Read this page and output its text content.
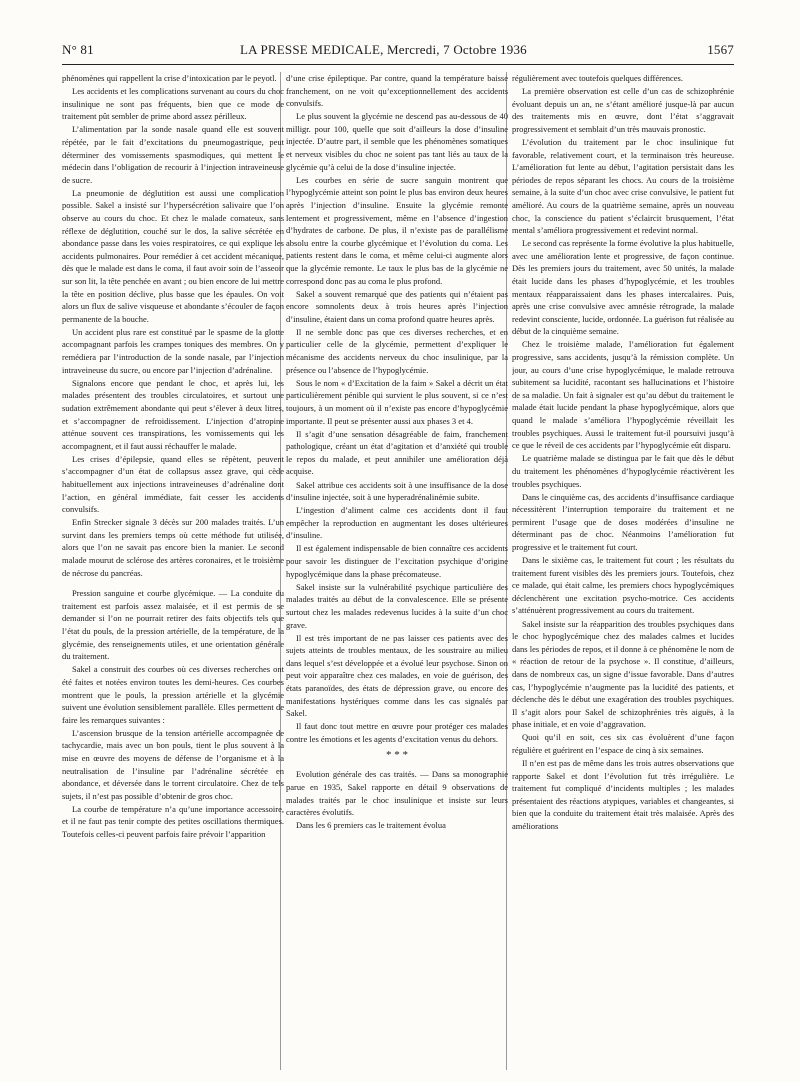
N° 81	LA PRESSE MEDICALE, Mercredi, 7 Octobre 1936	1567

phénomènes qui rappellent la crise d’intoxication par le peyotl.

Les accidents et les complications survenant au cours du choc insulinique ne sont pas fréquents, bien que ce mode de traitement pût sembler de prime abord assez périlleux.

L’alimentation par la sonde nasale quand elle est souvent répétée, par le fait d’excitations du pneumogastrique, peut déterminer des vomissements spasmodiques, qui mettent le médecin dans l’obligation de recourir à l’injection intraveineuse de sucre.

La pneumonie de déglutition est aussi une complication possible. Sakel a insisté sur l’hypersécrétion salivaire que l’on observe au cours du choc. Et chez le malade comateux, sans réflexe de déglutition, couché sur le dos, la salive sécrétée en abondance passe dans les voies respiratoires, ce qui explique les accidents pulmonaires. Pour remédier à cet accident mécanique, dès que le malade est dans le coma, il faut avoir soin de l’asseoir sur son lit, la tête penchée en avant ; ou bien encore de lui mettre la tête en position déclive, plus basse que les épaules. On voit alors un flux de salive visqueuse et abondante s’écouler de façon permanente de la bouche.

Un accident plus rare est constitué par le spasme de la glotte accompagnant parfois les crampes toniques des membres. On y remédiera par l’introduction de la sonde nasale, par l’injection intraveineuse du sucre, ou encore par l’injection d’adrénaline.

Signalons encore que pendant le choc, et après lui, les malades présentent des troubles circulatoires, et surtout une sudation extrêmement abondante qui peut s’élever à deux litres, et s’accompagner de refroidissement. L’injection d’atropine atténue souvent ces transpirations, les vomissements qui les accompagnent, et il faut aussi réchauffer le malade.

Les crises d’épilepsie, quand elles se répètent, peuvent s’accompagner d’un état de collapsus assez grave, qui cède habituellement aux injections intraveineuses d’adrénaline dont l’action, en général immédiate, fait cesser les accidents convulsifs.

Enfin Strecker signale 3 décès sur 200 malades traités. L’un survint dans les premiers temps où cette méthode fut utilisée, alors que l’on ne savait pas encore bien la manier. Le second malade mourut de sclérose des artères coronaires, et le troisième de nécrose du pancréas.

Pression sanguine et courbe glycémique. — La conduite du traitement est parfois assez malaisée, et il est permis de se demander si l’on ne pourrait retirer des faits objectifs tels que l’état du pouls, de la pression artérielle, de la température, de la glycémie, des renseignements utiles, et une orientation générale du traitement.

Sakel a construit des courbes où ces diverses recherches ont été faites et notées environ toutes les demi-heures. Ces courbes montrent que le pouls, la pression artérielle et la glycémie suivent une évolution sensiblement parallèle. Elles permettent de faire les remarques suivantes :

L’ascension brusque de la tension artérielle accompagnée de tachycardie, mais avec un bon pouls, tient le plus souvent à la mise en œuvre des moyens de défense de l’organisme et à la neutralisation de l’insuline par l’adrénaline sécrétée en abondance, et déversée dans le torrent circulatoire. Chez de tels sujets, il n’est pas possible d’obtenir de gros choc.

La courbe de température n’a qu’une importance accessoire, et il ne faut pas tenir compte des petites oscillations thermiques. Toutefois celles-ci peuvent parfois faire prévoir l’apparition

d’une crise épileptique. Par contre, quand la température baisse franchement, on ne voit qu’exceptionnellement des accidents convulsifs.

Le plus souvent la glycémie ne descend pas au-dessous de 40 milligr. pour 100, quelle que soit d’ailleurs la dose d’insuline injectée. D’autre part, il semble que les phénomènes somatiques et nerveux visibles du choc ne soient pas tant liés au taux de la glycémie qu’à celui de la dose d’insuline injectée.

Les courbes en série de sucre sanguin montrent que l’hypoglycémie atteint son point le plus bas environ deux heures après l’injection d’insuline. Ensuite la glycémie remonte lentement et progressivement, même en l’absence d’ingestion d’hydrates de carbone. De plus, il n’existe pas de parallélisme absolu entre la courbe glycémique et l’évolution du coma. Les patients restent dans le coma, et même celui-ci augmente alors que la glycémie remonte. Le taux le plus bas de la glycémie ne correspond donc pas au coma le plus profond.

Sakel a souvent remarqué que des patients qui n’étaient pas encore somnolents deux à trois heures après l’injection d’insuline, étaient dans un coma profond quatre heures après.

Il ne semble donc pas que ces diverses recherches, et en particulier celle de la glycémie, permettent d’expliquer le mécanisme des accidents nerveux du choc insulinique, par la présence ou l’absence de l’hypoglycémie.

Sous le nom « d’Excitation de la faim » Sakel a décrit un état particulièrement pénible qui survient le plus souvent, si ce n’est toujours, à un moment où il n’existe pas encore d’hypoglycémie importante. Il peut se présenter aussi aux phases 3 et 4.

Il s’agit d’une sensation désagréable de faim, franchement pathologique, créant un état d’agitation et d’anxiété qui trouble le repos du malade, et peut annihiler une amélioration déjà acquise.

Sakel attribue ces accidents soit à une insuffisance de la dose d’insuline injectée, soit à une hyperadrénalinémie subite.

L’ingestion d’aliment calme ces accidents dont il faut empêcher la reproduction en augmentant les doses ultérieures d’insuline.

Il est également indispensable de bien connaître ces accidents pour savoir les distinguer de l’excitation psychique d’origine hypoglycémique dans la phase précomateuse.

Sakel insiste sur la vulnérabilité psychique particulière des malades traités au début de la convalescence. Elle se présente surtout chez les malades redevenus lucides à la suite d’un choc grave.

Il est très important de ne pas laisser ces patients avec des sujets atteints de troubles mentaux, de les soustraire au milieu dans lequel s’est développée et a évolué leur psychose. Sinon on peut voir apparaître chez ces malades, en voie de guérison, des états paranoïdes, des états de dépression grave, ou encore des manifestations hystériques comme dans les cas signalés par Sakel.

Il faut donc tout mettre en œuvre pour protéger ces malades contre les émotions et les agents d’excitation venus du dehors.

* * *

Evolution générale des cas traités. — Dans sa monographie parue en 1935, Sakel rapporte en détail 9 observations de malades traités par le choc insulinique et insiste sur leurs caractères évolutifs.

Dans les 6 premiers cas le traitement évolua

régulièrement avec toutefois quelques différences.

La première observation est celle d’un cas de schizophrénie évoluant depuis un an, ne s’étant amélioré jusque-là par aucun des traitements mis en œuvre, dont l’état s’aggravait progressivement et semblait d’un très mauvais pronostic.

L’évolution du traitement par le choc insulinique fut favorable, relativement court, et la terminaison très heureuse. L’amélioration fut lente au début, l’agitation persistait dans les périodes de repos séparant les chocs. Au cours de la troisième semaine, à la suite d’un choc avec crise convulsive, le patient fut amélioré. Au cours de la quatrième semaine, après un nouveau choc, la conscience du patient s’éclaircit brusquement, l’état mental s’améliora progressivement et redevint normal.

Le second cas représente la forme évolutive la plus habituelle, avec une amélioration lente et progressive, de façon continue. Dès les premiers jours du traitement, avec 50 unités, la malade était lucide dans les phases d’hypoglycémie, et les troubles mentaux réapparaissaient dans les phases intercalaires. Puis, après une crise convulsive avec amnésie rétrograde, la malade redevint consciente, lucide, ordonnée. La guérison fut réalisée au début de la cinquième semaine.

Chez le troisième malade, l’amélioration fut également progressive, sans accidents, jusqu’à la rémission complète. Un jour, au cours d’une crise hypoglycémique, le malade retrouva subitement sa lucidité, racontant ses hallucinations et l’histoire de sa maladie. Un fait à signaler est qu’au début du traitement le malade était lucide pendant la phase hypoglycémique, alors que quand le malade s’améliora l’hypoglycémie réveillait les troubles psychiques. Aussi le traitement fut-il poursuivi jusqu’à ce que le réveil de ces accidents par l’hypoglycémie eût disparu.

Le quatrième malade se distingua par le fait que dès le début du traitement les phénomènes d’hypoglycémie réactivèrent les troubles psychiques.

Dans le cinquième cas, des accidents d’insuffisance cardiaque nécessitèrent l’interruption temporaire du traitement et ne permirent l’usage que de doses modérées d’insuline ne déterminant pas de choc. Néanmoins l’amélioration fut progressive et le traitement fut court.

Dans le sixième cas, le traitement fut court ; les résultats du traitement furent visibles dès les premiers jours. Toutefois, chez ce malade, qui était calme, les premiers chocs hypoglycémiques déclenchèrent une excitation psycho-motrice. Ces accidents s’atténuèrent progressivement au cours du traitement.

Sakel insiste sur la réapparition des troubles psychiques dans le choc hypoglycémique chez des malades calmes et lucides dans les périodes de repos, et il donne à ce phénomène le nom de « réaction de retour de la psychose ». Il constitue, d’ailleurs, dans de nombreux cas, un signe d’issue favorable. Dans d’autres cas, l’hypoglycémie n’augmente pas la lucidité des patients, et déclenche dès le début une exagération des troubles psychiques. Il s’agit alors pour Sakel de schizophrénies très aiguës, à la phase initiale, et en voie d’aggravation.

Quoi qu’il en soit, ces six cas évoluèrent d’une façon régulière et guérirent en l’espace de cinq à six semaines.

Il n’en est pas de même dans les trois autres observations que rapporte Sakel et dont l’évolution fut très irrégulière. Le traitement fut compliqué d’incidents multiples ; les malades présentaient des réactions atypiques, variables et changeantes, si bien que la conduite du traitement était très malaisée. Après des améliorations
